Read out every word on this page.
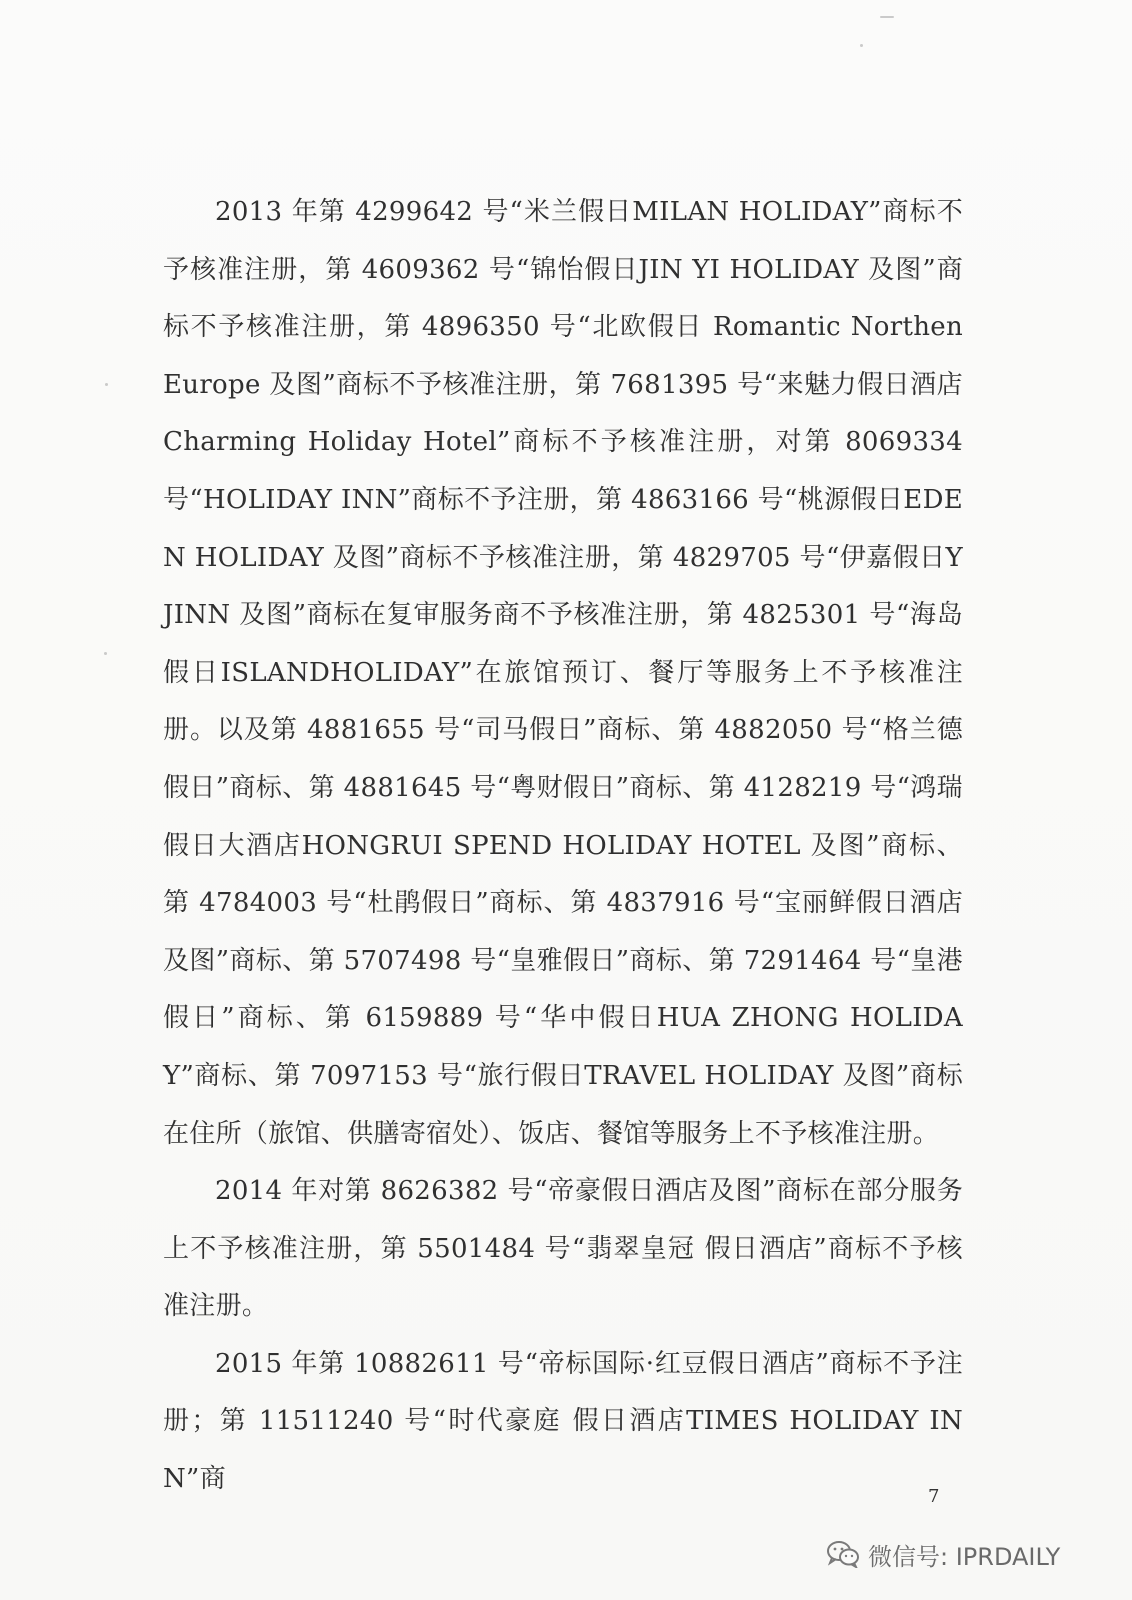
2013 年第 4299642 号“米兰假日MILAN HOLIDAY”商标不予核准注册，第 4609362 号“锦怡假日JIN YI HOLIDAY 及图”商标不予核准注册，第 4896350 号“北欧假日 Romantic Northen Europe 及图”商标不予核准注册，第 7681395 号“来魅力假日酒店Charming Holiday Hotel”商标不予核准注册，对第 8069334 号“HOLIDAY INN”商标不予注册，第 4863166 号“桃源假日EDEN HOLIDAY 及图”商标不予核准注册，第 4829705 号“伊嘉假日YJINN 及图”商标在复审服务商不予核准注册，第 4825301 号“海岛假日ISLANDHOLIDAY”在旅馆预订、餐厅等服务上不予核准注册。以及第 4881655 号“司马假日”商标、第 4882050 号“格兰德假日”商标、第 4881645 号“粤财假日”商标、第 4128219 号“鸿瑞假日大酒店HONGRUI SPEND HOLIDAY HOTEL 及图”商标、第 4784003 号“杜鹃假日”商标、第 4837916 号“宝丽鲜假日酒店及图”商标、第 5707498 号“皇雅假日”商标、第 7291464 号“皇港假日”商标、第 6159889 号“华中假日HUA ZHONG HOLIDAY”商标、第 7097153 号“旅行假日TRAVEL HOLIDAY 及图”商标在住所（旅馆、供膳寄宿处）、饭店、餐馆等服务上不予核准注册。

2014 年对第 8626382 号“帝豪假日酒店及图”商标在部分服务上不予核准注册，第 5501484 号“翡翠皇冠 假日酒店”商标不予核准注册。

2015 年第 10882611 号“帝标国际·红豆假日酒店”商标不予注册；第 11511240 号“时代豪庭 假日酒店TIMES HOLIDAY INN”商

7
微信号: IPRDAILY
